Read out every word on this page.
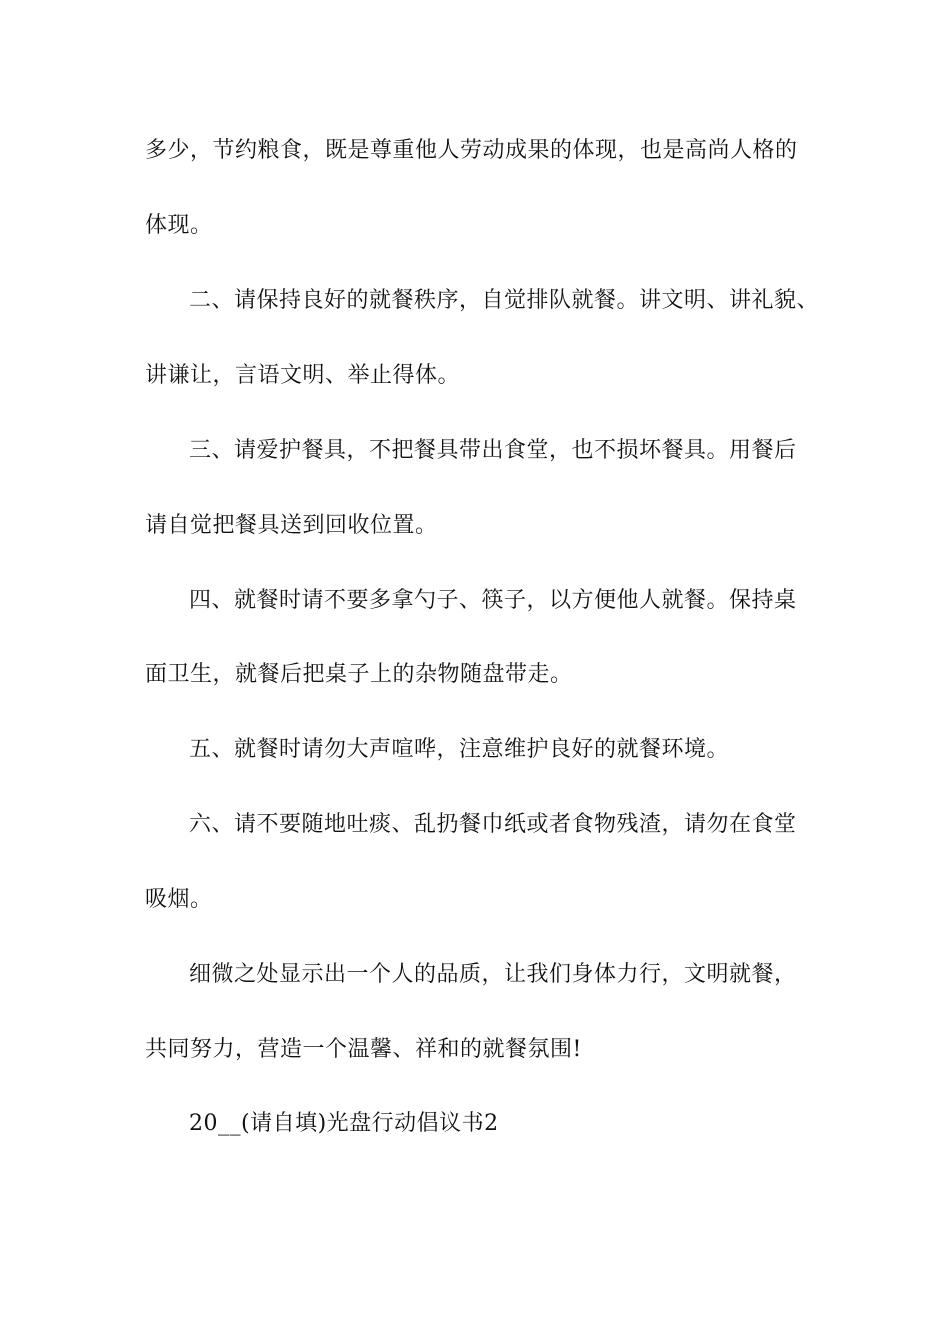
多少，节约粮食，既是尊重他人劳动成果的体现，也是高尚人格的
体现。
二、请保持良好的就餐秩序，自觉排队就餐。讲文明、讲礼貌、
讲谦让，言语文明、举止得体。
三、请爱护餐具，不把餐具带出食堂，也不损坏餐具。用餐后
请自觉把餐具送到回收位置。
四、就餐时请不要多拿勺子、筷子，以方便他人就餐。保持桌
面卫生，就餐后把桌子上的杂物随盘带走。
五、就餐时请勿大声喧哗，注意维护良好的就餐环境。
六、请不要随地吐痰、乱扔餐巾纸或者食物残渣，请勿在食堂
吸烟。
细微之处显示出一个人的品质，让我们身体力行，文明就餐，
共同努力，营造一个温馨、祥和的就餐氛围!
20__(请自填)光盘行动倡议书2
